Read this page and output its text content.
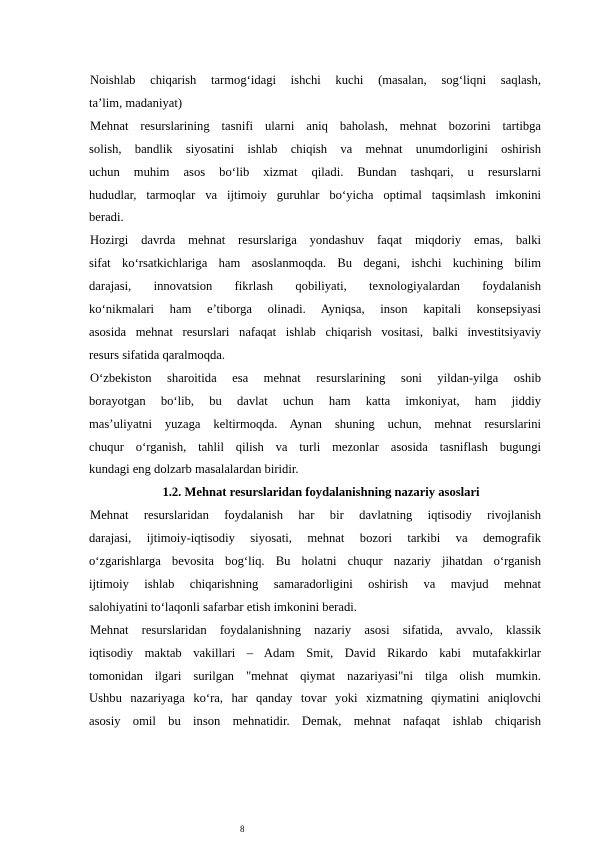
Noishlab chiqarish tarmog‘idagi ishchi kuchi (masalan, sog‘liqni saqlash,
ta’lim, madaniyat)

Mehnat resurslarining tasnifi ularni aniq baholash, mehnat bozorini tartibga
solish, bandlik siyosatini ishlab chiqish va mehnat unumdorligini oshirish
uchun muhim asos bo‘lib xizmat qiladi. Bundan tashqari, u resurslarni
hududlar, tarmoqlar va ijtimoiy guruhlar bo‘yicha optimal taqsimlash imkonini
beradi.

Hozirgi davrda mehnat resurslariga yondashuv faqat miqdoriy emas, balki
sifat ko‘rsatkichlariga ham asoslanmoqda. Bu degani, ishchi kuchining bilim
darajasi, innovatsion fikrlash qobiliyati, texnologiyalardan foydalanish
ko‘nikmalari ham e’tiborga olinadi. Ayniqsa, inson kapitali konsepsiyasi
asosida mehnat resurslari nafaqat ishlab chiqarish vositasi, balki investitsiyaviy
resurs sifatida qaralmoqda.

O‘zbekiston sharoitida esa mehnat resurslarining soni yildan-yilga oshib
borayotgan bo‘lib, bu davlat uchun ham katta imkoniyat, ham jiddiy
mas’uliyatni yuzaga keltirmoqda. Aynan shuning uchun, mehnat resurslarini
chuqur o‘rganish, tahlil qilish va turli mezonlar asosida tasniflash bugungi
kundagi eng dolzarb masalalardan biridir.

1.2. Mehnat resurslaridan foydalanishning nazariy asoslari

Mehnat resurslaridan foydalanish har bir davlatning iqtisodiy rivojlanish
darajasi, ijtimoiy-iqtisodiy siyosati, mehnat bozori tarkibi va demografik
o‘zgarishlarga bevosita bog‘liq. Bu holatni chuqur nazariy jihatdan o‘rganish
ijtimoiy ishlab chiqarishning samaradorligini oshirish va mavjud mehnat
salohiyatini to‘laqonli safarbar etish imkonini beradi.

Mehnat resurslaridan foydalanishning nazariy asosi sifatida, avvalo, klassik
iqtisodiy maktab vakillari – Adam Smit, David Rikardo kabi mutafakkirlar
tomonidan ilgari surilgan "mehnat qiymat nazariyasi"ni tilga olish mumkin.
Ushbu nazariyaga ko‘ra, har qanday tovar yoki xizmatning qiymatini aniqlovchi
asosiy omil bu inson mehnatidir. Demak, mehnat nafaqat ishlab chiqarish

8
